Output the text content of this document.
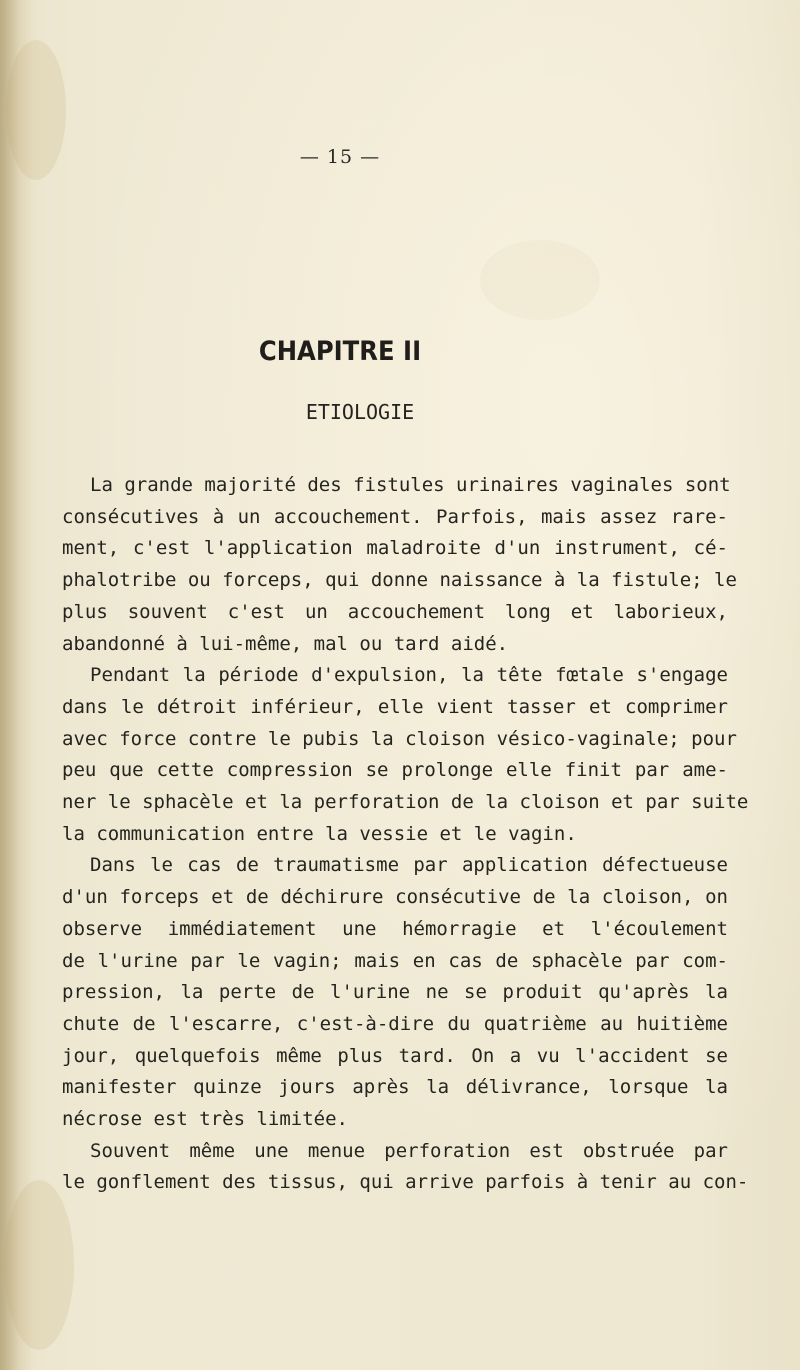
— 15 —
CHAPITRE II
ETIOLOGIE
La grande majorité des fistules urinaires vaginales sont
consécutives à un accouchement. Parfois, mais assez rare-
ment, c'est l'application maladroite d'un instrument, cé-
phalotribe ou forceps, qui donne naissance à la fistule; le
plus souvent c'est un accouchement long et laborieux,
abandonné à lui-même, mal ou tard aidé.
Pendant la période d'expulsion, la tête fœtale s'engage
dans le détroit inférieur, elle vient tasser et comprimer
avec force contre le pubis la cloison vésico-vaginale; pour
peu que cette compression se prolonge elle finit par ame-
ner le sphacèle et la perforation de la cloison et par suite
la communication entre la vessie et le vagin.
Dans le cas de traumatisme par application défectueuse
d'un forceps et de déchirure consécutive de la cloison, on
observe immédiatement une hémorragie et l'écoulement
de l'urine par le vagin; mais en cas de sphacèle par com-
pression, la perte de l'urine ne se produit qu'après la
chute de l'escarre, c'est-à-dire du quatrième au huitième
jour, quelquefois même plus tard. On a vu l'accident se
manifester quinze jours après la délivrance, lorsque la
nécrose est très limitée.
Souvent même une menue perforation est obstruée par
le gonflement des tissus, qui arrive parfois à tenir au con-
